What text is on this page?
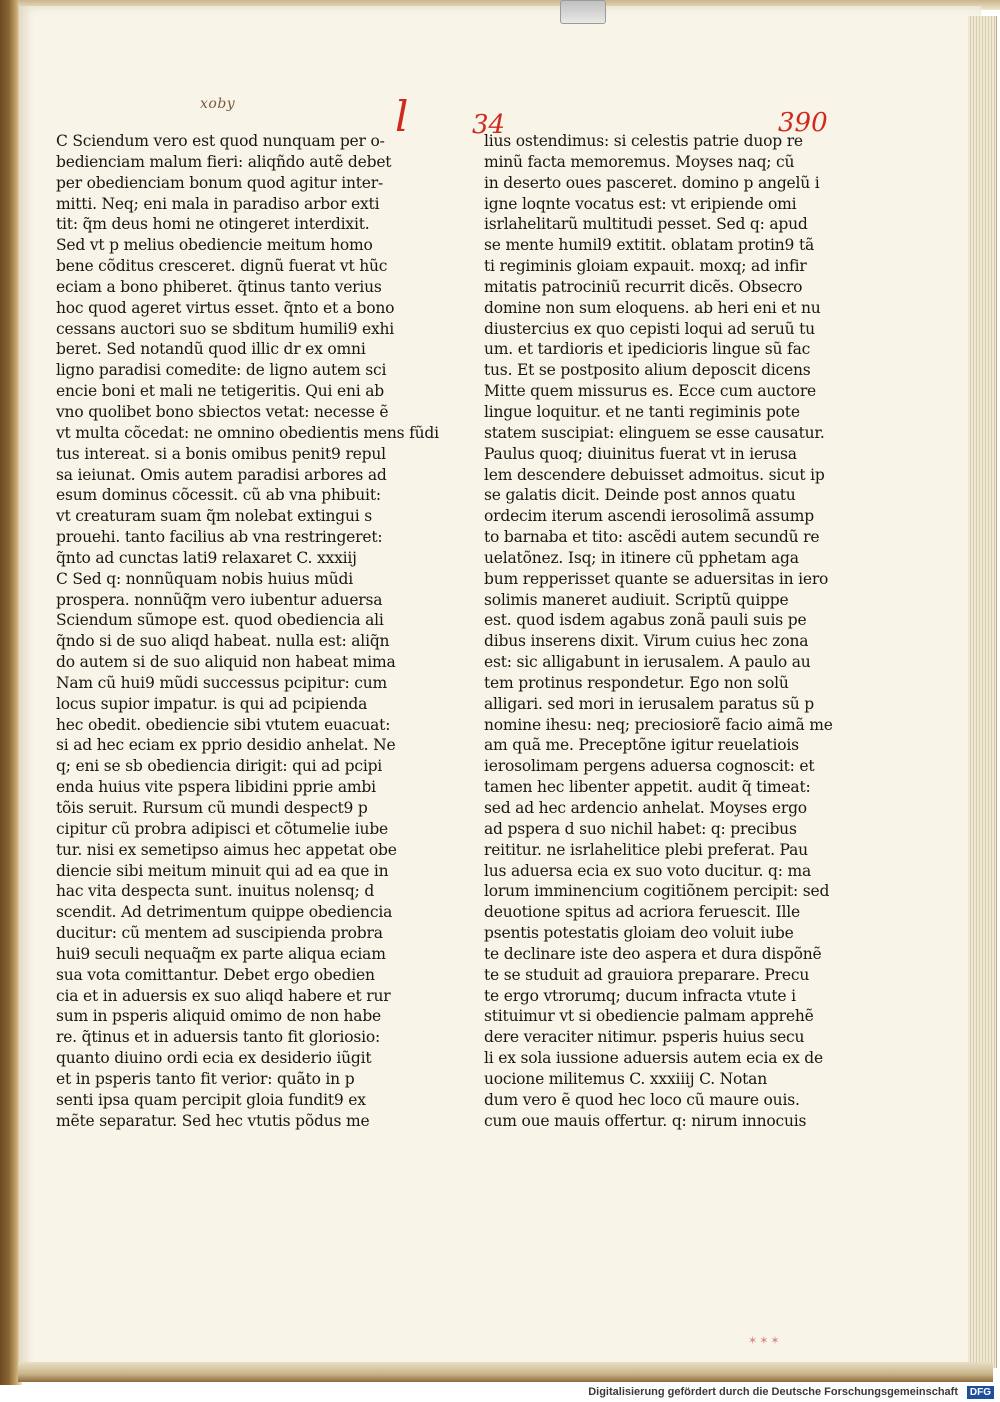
xoby	l 34	390
C Sciendum vero est quod nunquam per o-
bedienciam malum fieri: aliqñdo autẽ debet
per obedienciam bonum quod agitur inter-
mitti. Neq; eni mala in paradiso arbor exti
tit: q̃m deus homi ne otingeret interdixit.
Sed vt p melius obediencie meitum homo
bene cõditus cresceret. dignũ fuerat vt hũc
eciam a bono phiberet. q̃tinus tanto verius
hoc quod ageret virtus esset. q̃nto et a bono
cessans auctori suo se sbditum humili9 exhi
beret. Sed notandũ quod illic dr ex omni
ligno paradisi comedite: de ligno autem sci
encie boni et mali ne tetigeritis. Qui eni ab
vno quolibet bono sbiectos vetat: necesse ẽ
vt multa cõcedat: ne omnino obedientis mens fũdi
tus intereat. si a bonis omibus penit9 repul
sa ieiunat. Omis autem paradisi arbores ad
esum dominus cõcessit. cũ ab vna phibuit:
vt creaturam suam q̃m nolebat extingui s
prouehi. tanto facilius ab vna restringeret:
q̃nto ad cunctas lati9 relaxaret C. xxxiij
C Sed q: nonnũquam nobis huius mũdi
prospera. nonnũq̃m vero iubentur aduersa
Sciendum sũmope est. quod obediencia ali
q̃ndo si de suo aliqd habeat. nulla est: aliq̃n
do autem si de suo aliquid non habeat mima
Nam cũ hui9 mũdi successus pcipitur: cum
locus supior impatur. is qui ad pcipienda
hec obedit. obediencie sibi vtutem euacuat:
si ad hec eciam ex pprio desidio anhelat. Ne
q; eni se sb obediencia dirigit: qui ad pcipi
enda huius vite pspera libidini pprie ambi
tõis seruit. Rursum cũ mundi despect9 p
cipitur cũ probra adipisci et cõtumelie iube
tur. nisi ex semetipso aimus hec appetat obe
diencie sibi meitum minuit qui ad ea que in
hac vita despecta sunt. inuitus nolensq; d
scendit. Ad detrimentum quippe obediencia
ducitur: cũ mentem ad suscipienda probra
hui9 seculi nequaq̃m ex parte aliqua eciam
sua vota comittantur. Debet ergo obedien
cia et in aduersis ex suo aliqd habere et rur
sum in psperis aliquid omimo de non habe
re. q̃tinus et in aduersis tanto fit gloriosio:
quanto diuino ordi ecia ex desiderio iũgit
et in psperis tanto fit verior: quãto in p
senti ipsa quam percipit gloia fundit9 ex
mẽte separatur. Sed hec vtutis põdus me
lius ostendimus: si celestis patrie duop re
minũ facta memoremus. Moyses naq; cũ
in deserto oues pasceret. domino p angelũ i
igne loqnte vocatus est: vt eripiende omi
isrlahelitarũ multitudi pesset. Sed q: apud
se mente humil9 extitit. oblatam protin9 tã
ti regiminis gloiam expauit. moxq; ad infir
mitatis patrociniũ recurrit dicẽs. Obsecro
domine non sum eloquens. ab heri eni et nu
diustercius ex quo cepisti loqui ad seruũ tu
um. et tardioris et ipedicioris lingue sũ fac
tus. Et se postposito alium deposcit dicens
Mitte quem missurus es. Ecce cum auctore
lingue loquitur. et ne tanti regiminis pote
statem suscipiat: elinguem se esse causatur.
Paulus quoq; diuinitus fuerat vt in ierusa
lem descendere debuisset admoitus. sicut ip
se galatis dicit. Deinde post annos quatu
ordecim iterum ascendi ierosolimã assump
to barnaba et tito: ascẽdi autem secundũ re
uelatõnez. Isq; in itinere cũ pphetam aga
bum repperisset quante se aduersitas in iero
solimis maneret audiuit. Scriptũ quippe
est. quod isdem agabus zonã pauli suis pe
dibus inserens dixit. Virum cuius hec zona
est: sic alligabunt in ierusalem. A paulo au
tem protinus respondetur. Ego non solũ
alligari. sed mori in ierusalem paratus sũ p
nomine ihesu: neq; preciosiorẽ facio aimã me
am quã me. Preceptõne igitur reuelatiois
ierosolimam pergens aduersa cognoscit: et
tamen hec libenter appetit. audit q̃ timeat:
sed ad hec ardencio anhelat. Moyses ergo
ad pspera d suo nichil habet: q: precibus
reititur. ne isrlahelitice plebi preferat. Pau
lus aduersa ecia ex suo voto ducitur. q: ma
lorum imminencium cogitiõnem percipit: sed
deuotione spitus ad acriora feruescit. Ille
psentis potestatis gloiam deo voluit iube
te declinare iste deo aspera et dura dispõnẽ
te se studuit ad grauiora preparare. Precu
te ergo vtrorumq; ducum infracta vtute i
stituimur vt si obediencie palmam apprehẽ
dere veraciter nitimur. psperis huius secu
li ex sola iussione aduersis autem ecia ex de
uocione militemus C. xxxiiij C. Notan
dum vero ẽ quod hec loco cũ maure ouis.
cum oue mauis offertur. q: nirum innocuis
✶✶✶
Digitalisierung gefördert durch die Deutsche Forschungsgemeinschaft	DFG
